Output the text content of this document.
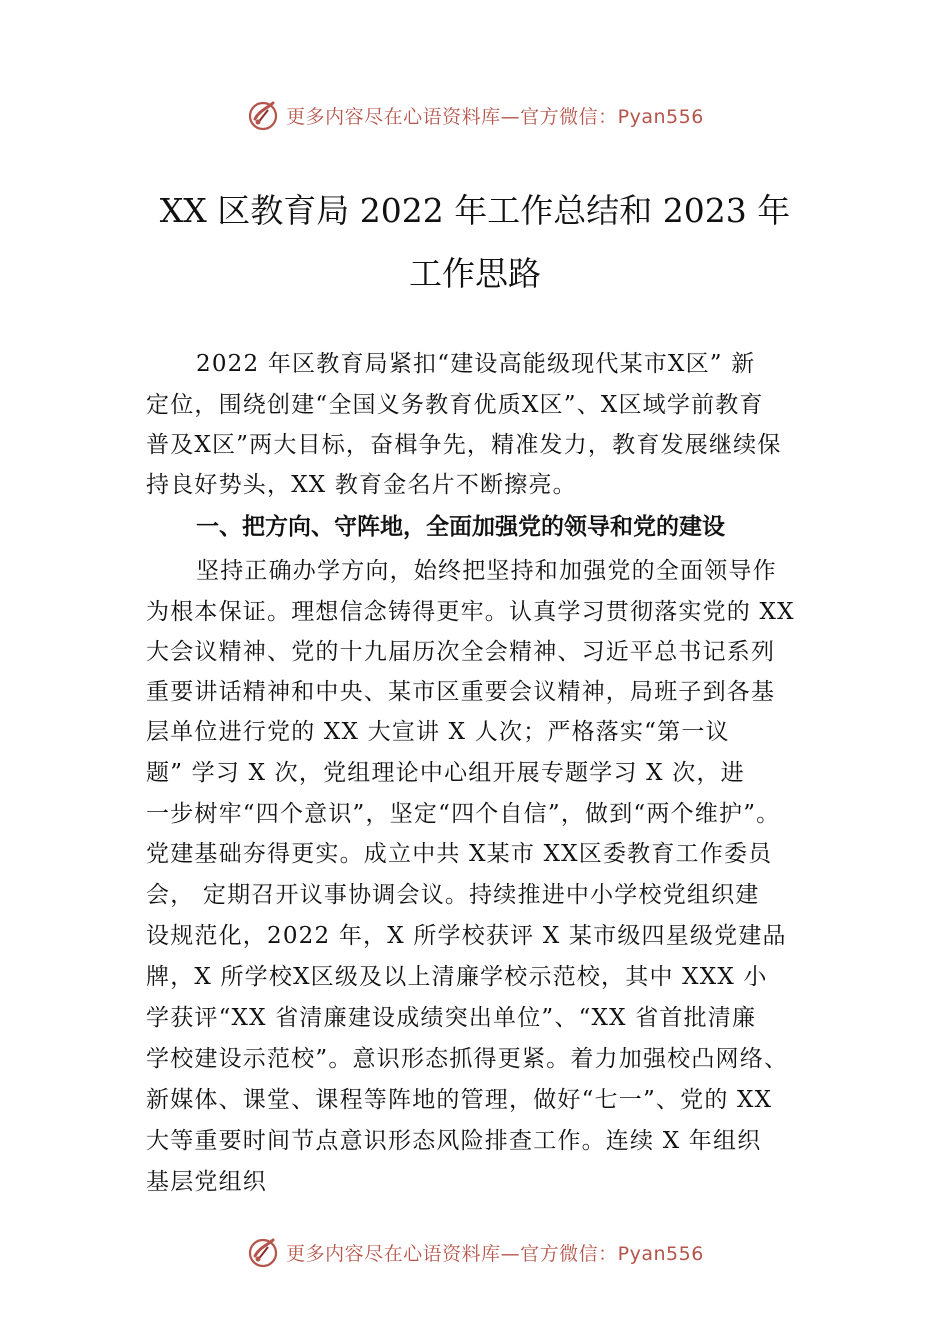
更多内容尽在心语资料库—官方微信：Pyan556
XX 区教育局 2022 年工作总结和 2023 年
工作思路
2022 年区教育局紧扣“建设高能级现代某市X区” 新
定位，围绕创建“全国义务教育优质X区”、X区域学前教育
普及X区”两大目标，奋楫争先，精准发力，教育发展继续保
持良好势头，XX 教育金名片不断擦亮。
一、把方向、守阵地，全面加强党的领导和党的建设
坚持正确办学方向，始终把坚持和加强党的全面领导作
为根本保证。理想信念铸得更牢。认真学习贯彻落实党的 XX
大会议精神、党的十九届历次全会精神、习近平总书记系列
重要讲话精神和中央、某市区重要会议精神，局班子到各基
层单位进行党的 XX 大宣讲 X 人次；严格落实“第一议
题” 学习 X 次，党组理论中心组开展专题学习 X 次，进
一步树牢“四个意识”，坚定“四个自信”，做到“两个维护”。
党建基础夯得更实。成立中共 X某市 XX区委教育工作委员
会， 定期召开议事协调会议。持续推进中小学校党组织建
设规范化，2022 年，X 所学校获评 X 某市级四星级党建品
牌，X 所学校X区级及以上清廉学校示范校，其中 XXX 小
学获评“XX 省清廉建设成绩突出单位”、“XX 省首批清廉
学校建设示范校”。意识形态抓得更紧。着力加强校凸网络、
新媒体、课堂、课程等阵地的管理，做好“七一”、党的 XX
大等重要时间节点意识形态风险排查工作。连续 X 年组织
基层党组织
更多内容尽在心语资料库—官方微信：Pyan556
